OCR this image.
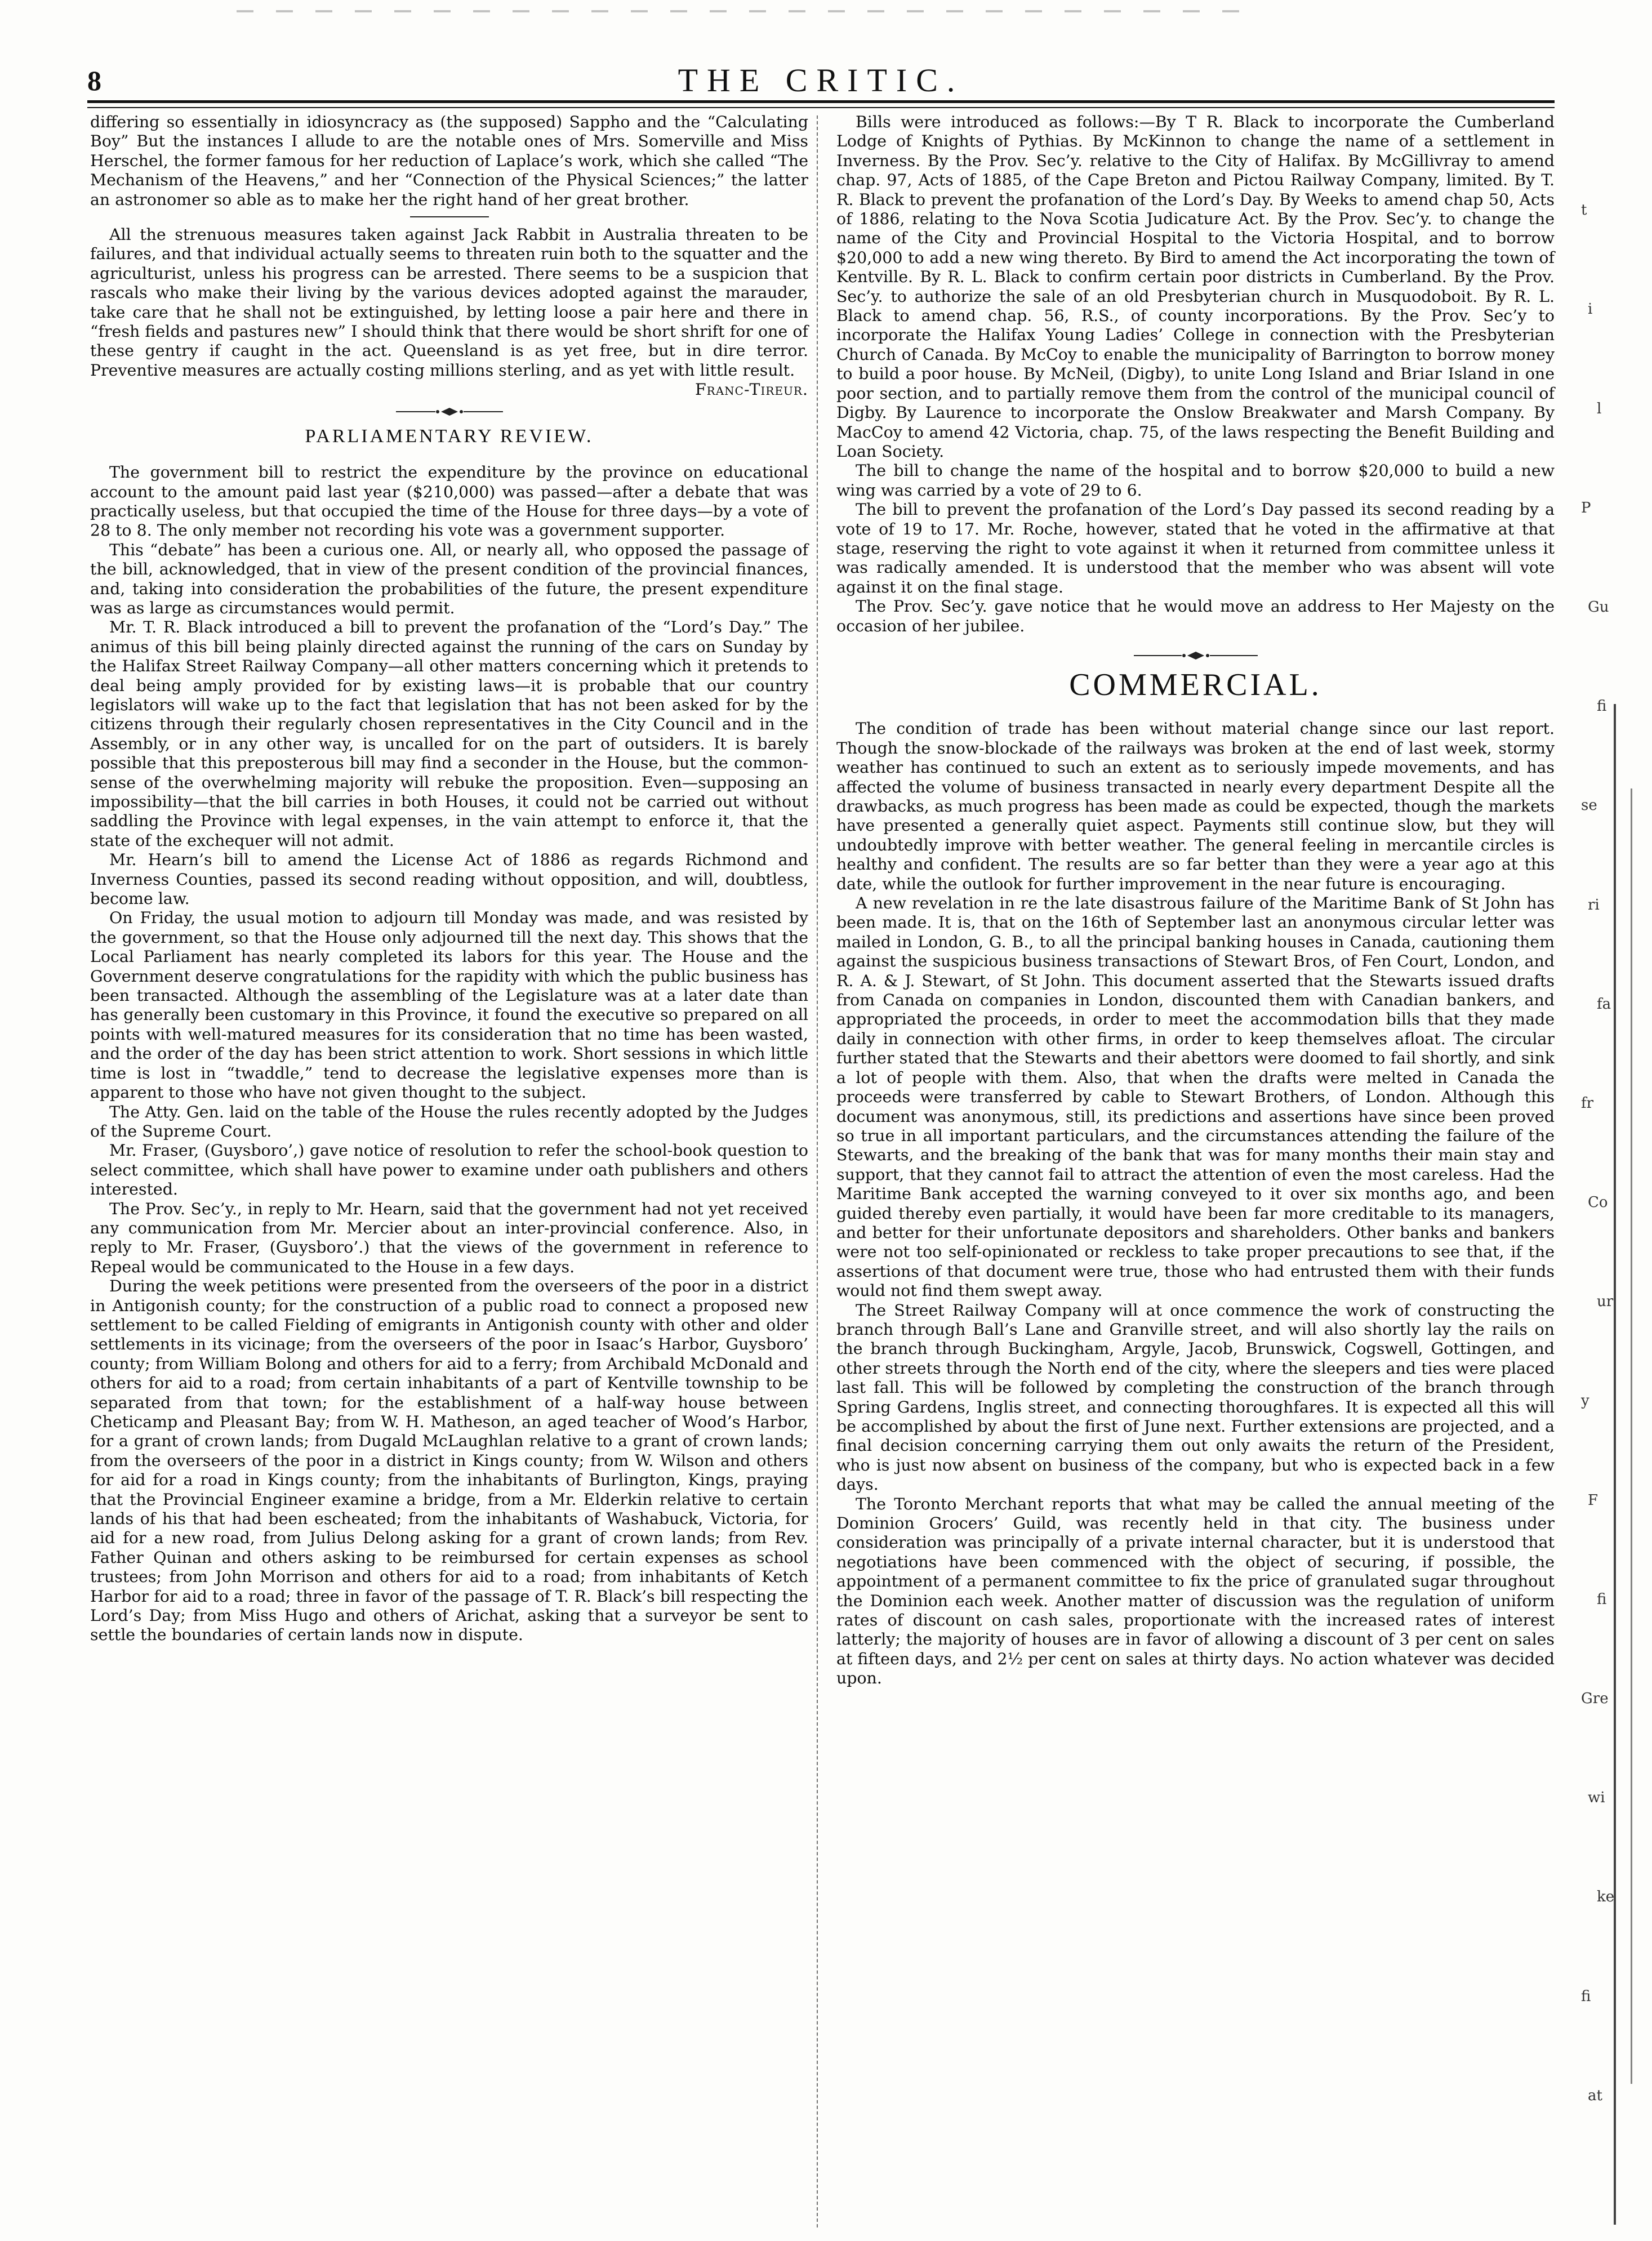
8	THE CRITIC.

differing so essentially in idiosyncracy as (the supposed) Sappho and the “Calculating Boy” But the instances I allude to are the notable ones of Mrs. Somerville and Miss Herschel, the former famous for her reduction of Laplace’s work, which she called “The Mechanism of the Heavens,” and her “Connection of the Physical Sciences;” the latter an astronomer so able as to make her the right hand of her great brother.

All the strenuous measures taken against Jack Rabbit in Australia threaten to be failures, and that individual actually seems to threaten ruin both to the squatter and the agriculturist, unless his progress can be arrested. There seems to be a suspicion that rascals who make their living by the various devices adopted against the marauder, take care that he shall not be extinguished, by letting loose a pair here and there in “fresh fields and pastures new” I should think that there would be short shrift for one of these gentry if caught in the act. Queensland is as yet free, but in dire terror. Preventive measures are actually costing millions sterling, and as yet with little result.

Franc-Tireur.
PARLIAMENTARY REVIEW.

The government bill to restrict the expenditure by the province on educational account to the amount paid last year ($210,000) was passed—after a debate that was practically useless, but that occupied the time of the House for three days—by a vote of 28 to 8. The only member not recording his vote was a government supporter.

This “debate” has been a curious one. All, or nearly all, who opposed the passage of the bill, acknowledged, that in view of the present condition of the provincial finances, and, taking into consideration the probabilities of the future, the present expenditure was as large as circumstances would permit.

Mr. T. R. Black introduced a bill to prevent the profanation of the “Lord’s Day.” The animus of this bill being plainly directed against the running of the cars on Sunday by the Halifax Street Railway Company—all other matters concerning which it pretends to deal being amply provided for by existing laws—it is probable that our country legislators will wake up to the fact that legislation that has not been asked for by the citizens through their regularly chosen representatives in the City Council and in the Assembly, or in any other way, is uncalled for on the part of outsiders. It is barely possible that this preposterous bill may find a seconder in the House, but the common-sense of the overwhelming majority will rebuke the proposition. Even—supposing an impossibility—that the bill carries in both Houses, it could not be carried out without saddling the Province with legal expenses, in the vain attempt to enforce it, that the state of the exchequer will not admit.

Mr. Hearn’s bill to amend the License Act of 1886 as regards Richmond and Inverness Counties, passed its second reading without opposition, and will, doubtless, become law.

On Friday, the usual motion to adjourn till Monday was made, and was resisted by the government, so that the House only adjourned till the next day. This shows that the Local Parliament has nearly completed its labors for this year. The House and the Government deserve congratulations for the rapidity with which the public business has been transacted. Although the assembling of the Legislature was at a later date than has generally been customary in this Province, it found the executive so prepared on all points with well-matured measures for its consideration that no time has been wasted, and the order of the day has been strict attention to work. Short sessions in which little time is lost in “twaddle,” tend to decrease the legislative expenses more than is apparent to those who have not given thought to the subject.

The Atty. Gen. laid on the table of the House the rules recently adopted by the Judges of the Supreme Court.

Mr. Fraser, (Guysboro’,) gave notice of resolution to refer the school-book question to select committee, which shall have power to examine under oath publishers and others interested.

The Prov. Sec’y., in reply to Mr. Hearn, said that the government had not yet received any communication from Mr. Mercier about an inter-provincial conference. Also, in reply to Mr. Fraser, (Guysboro’.) that the views of the government in reference to Repeal would be communicated to the House in a few days.

During the week petitions were presented from the overseers of the poor in a district in Antigonish county; for the construction of a public road to connect a proposed new settlement to be called Fielding of emigrants in Antigonish county with other and older settlements in its vicinage; from the overseers of the poor in Isaac’s Harbor, Guysboro’ county; from William Bolong and others for aid to a ferry; from Archibald McDonald and others for aid to a road; from certain inhabitants of a part of Kentville township to be separated from that town; for the establishment of a half-way house between Cheticamp and Pleasant Bay; from W. H. Matheson, an aged teacher of Wood’s Harbor, for a grant of crown lands; from Dugald McLaughlan relative to a grant of crown lands; from the overseers of the poor in a district in Kings county; from W. Wilson and others for aid for a road in Kings county; from the inhabitants of Burlington, Kings, praying that the Provincial Engineer examine a bridge, from a Mr. Elderkin relative to certain lands of his that had been escheated; from the inhabitants of Washabuck, Victoria, for aid for a new road, from Julius Delong asking for a grant of crown lands; from Rev. Father Quinan and others asking to be reimbursed for certain expenses as school trustees; from John Morrison and others for aid to a road; from inhabitants of Ketch Harbor for aid to a road; three in favor of the passage of T. R. Black’s bill respecting the Lord’s Day; from Miss Hugo and others of Arichat, asking that a surveyor be sent to settle the boundaries of certain lands now in dispute.

Bills were introduced as follows:—By T R. Black to incorporate the Cumberland Lodge of Knights of Pythias. By McKinnon to change the name of a settlement in Inverness. By the Prov. Sec’y. relative to the City of Halifax. By McGillivray to amend chap. 97, Acts of 1885, of the Cape Breton and Pictou Railway Company, limited. By T. R. Black to prevent the profanation of the Lord’s Day. By Weeks to amend chap 50, Acts of 1886, relating to the Nova Scotia Judicature Act. By the Prov. Sec’y. to change the name of the City and Provincial Hospital to the Victoria Hospital, and to borrow $20,000 to add a new wing thereto. By Bird to amend the Act incorporating the town of Kentville. By R. L. Black to confirm certain poor districts in Cumberland. By the Prov. Sec’y. to authorize the sale of an old Presbyterian church in Musquodoboit. By R. L. Black to amend chap. 56, R.S., of county incorporations. By the Prov. Sec’y to incorporate the Halifax Young Ladies’ College in connection with the Presbyterian Church of Canada. By McCoy to enable the municipality of Barrington to borrow money to build a poor house. By McNeil, (Digby), to unite Long Island and Briar Island in one poor section, and to partially remove them from the control of the municipal council of Digby. By Laurence to incorporate the Onslow Breakwater and Marsh Company. By MacCoy to amend 42 Victoria, chap. 75, of the laws respecting the Benefit Building and Loan Society.

The bill to change the name of the hospital and to borrow $20,000 to build a new wing was carried by a vote of 29 to 6.

The bill to prevent the profanation of the Lord’s Day passed its second reading by a vote of 19 to 17. Mr. Roche, however, stated that he voted in the affirmative at that stage, reserving the right to vote against it when it returned from committee unless it was radically amended. It is understood that the member who was absent will vote against it on the final stage.

The Prov. Sec’y. gave notice that he would move an address to Her Majesty on the occasion of her jubilee.

COMMERCIAL.

The condition of trade has been without material change since our last report. Though the snow-blockade of the railways was broken at the end of last week, stormy weather has continued to such an extent as to seriously impede movements, and has affected the volume of business transacted in nearly every department Despite all the drawbacks, as much progress has been made as could be expected, though the markets have presented a generally quiet aspect. Payments still continue slow, but they will undoubtedly improve with better weather. The general feeling in mercantile circles is healthy and confident. The results are so far better than they were a year ago at this date, while the outlook for further improvement in the near future is encouraging.

A new revelation in re the late disastrous failure of the Maritime Bank of St John has been made. It is, that on the 16th of September last an anonymous circular letter was mailed in London, G. B., to all the principal banking houses in Canada, cautioning them against the suspicious business transactions of Stewart Bros, of Fen Court, London, and R. A. & J. Stewart, of St John. This document asserted that the Stewarts issued drafts from Canada on companies in London, discounted them with Canadian bankers, and appropriated the proceeds, in order to meet the accommodation bills that they made daily in connection with other firms, in order to keep themselves afloat. The circular further stated that the Stewarts and their abettors were doomed to fail shortly, and sink a lot of people with them. Also, that when the drafts were melted in Canada the proceeds were transferred by cable to Stewart Brothers, of London. Although this document was anonymous, still, its predictions and assertions have since been proved so true in all important particulars, and the circumstances attending the failure of the Stewarts, and the breaking of the bank that was for many months their main stay and support, that they cannot fail to attract the attention of even the most careless. Had the Maritime Bank accepted the warning conveyed to it over six months ago, and been guided thereby even partially, it would have been far more creditable to its managers, and better for their unfortunate depositors and shareholders. Other banks and bankers were not too self-opinionated or reckless to take proper precautions to see that, if the assertions of that document were true, those who had entrusted them with their funds would not find them swept away.

The Street Railway Company will at once commence the work of constructing the branch through Ball’s Lane and Granville street, and will also shortly lay the rails on the branch through Buckingham, Argyle, Jacob, Brunswick, Cogswell, Gottingen, and other streets through the North end of the city, where the sleepers and ties were placed last fall. This will be followed by completing the construction of the branch through Spring Gardens, Inglis street, and connecting thoroughfares. It is expected all this will be accomplished by about the first of June next. Further extensions are projected, and a final decision concerning carrying them out only awaits the return of the President, who is just now absent on business of the company, but who is expected back in a few days.

The Toronto Merchant reports that what may be called the annual meeting of the Dominion Grocers’ Guild, was recently held in that city. The business under consideration was principally of a private internal character, but it is understood that negotiations have been commenced with the object of securing, if possible, the appointment of a permanent committee to fix the price of granulated sugar throughout the Dominion each week. Another matter of discussion was the regulation of uniform rates of discount on cash sales, proportionate with the increased rates of interest latterly; the majority of houses are in favor of allowing a discount of 3 per cent on sales at fifteen days, and 2½ per cent on sales at thirty days. No action whatever was decided upon.

t
i
l
P
Gu
fi
se
ri
fa
fr
Co
ur
y
F
fi
Gre
wi
ke
fi
at
